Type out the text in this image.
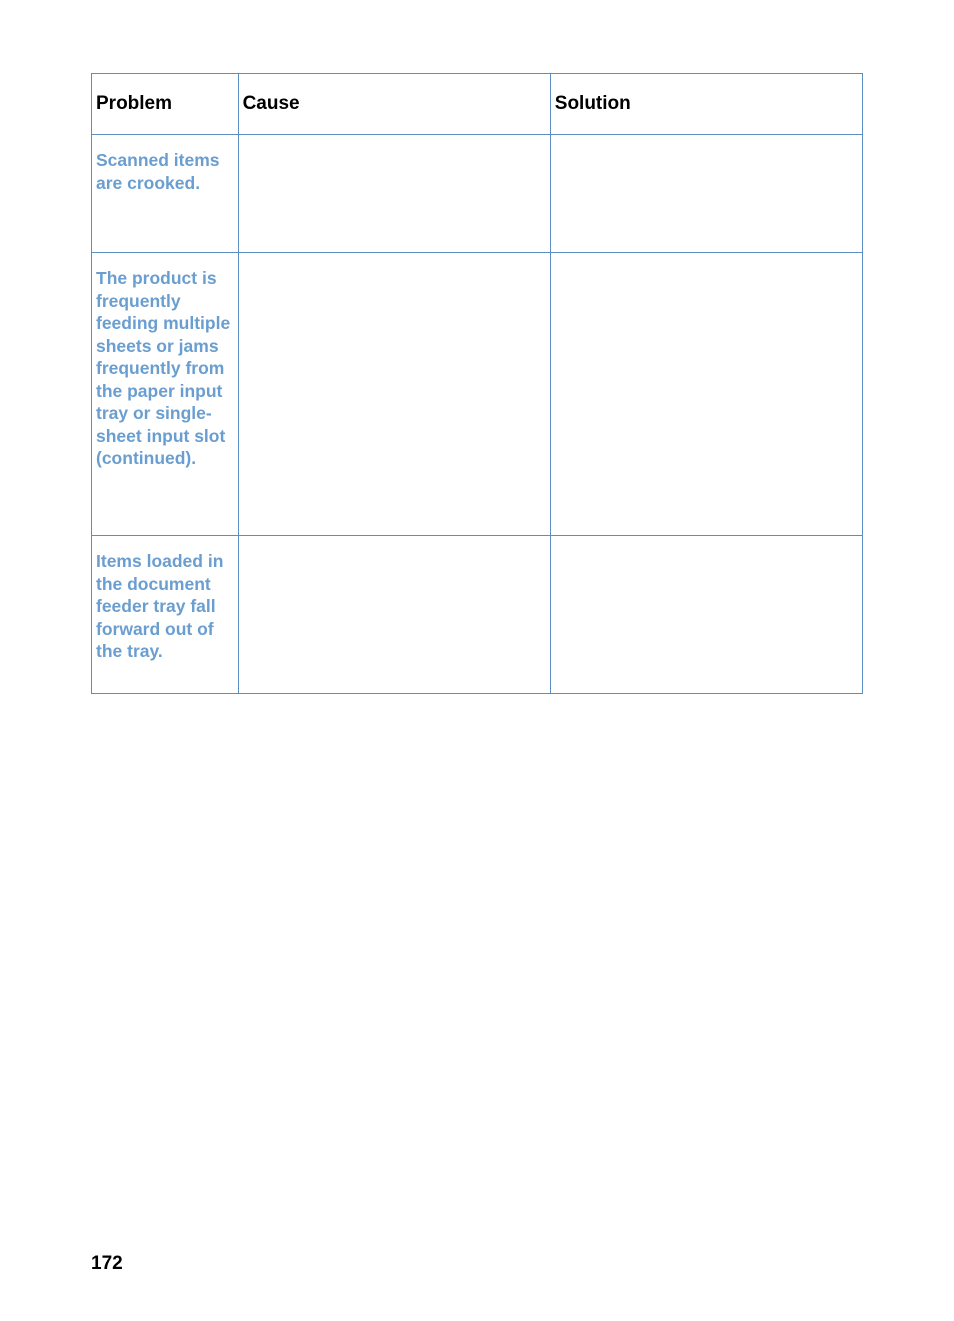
Problem	Cause	Solution

Scanned items are crooked.		

The product is frequently feeding multiple sheets or jams frequently from the paper input tray or single-sheet input slot (continued).		

Items loaded in the document feeder tray fall forward out of the tray.		

172
